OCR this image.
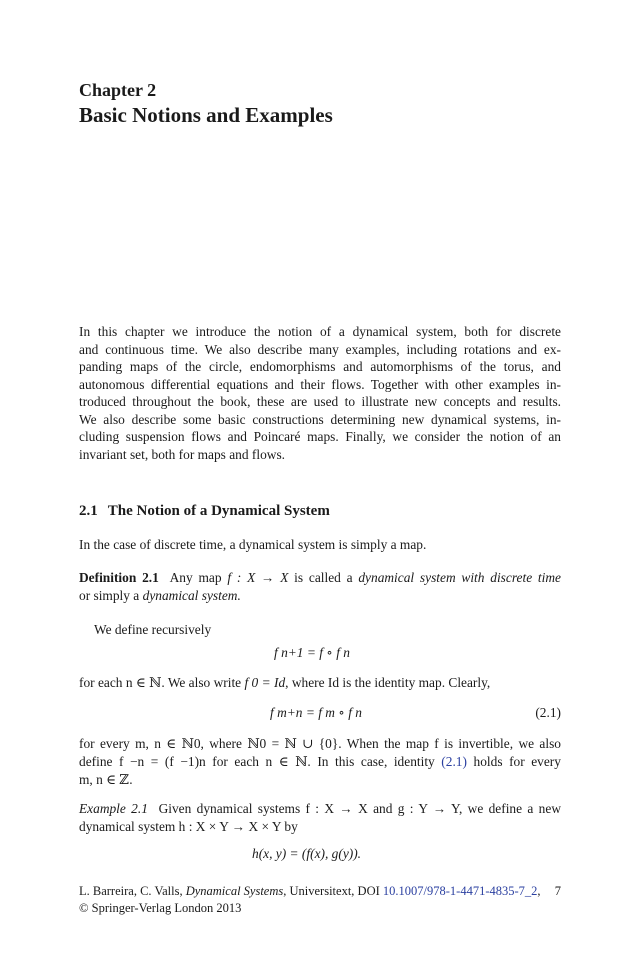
Chapter 2
Basic Notions and Examples
In this chapter we introduce the notion of a dynamical system, both for discrete
and continuous time. We also describe many examples, including rotations and ex-
panding maps of the circle, endomorphisms and automorphisms of the torus, and
autonomous differential equations and their flows. Together with other examples in-
troduced throughout the book, these are used to illustrate new concepts and results.
We also describe some basic constructions determining new dynamical systems, in-
cluding suspension flows and Poincaré maps. Finally, we consider the notion of an
invariant set, both for maps and flows.
2.1 The Notion of a Dynamical System
In the case of discrete time, a dynamical system is simply a map.
Definition 2.1 Any map f : X → X is called a dynamical system with discrete time
or simply a dynamical system.
We define recursively
f n+1 = f ∘ f n
for each n ∈ ℕ. We also write f 0 = Id, where Id is the identity map. Clearly,
f m+n = f m ∘ f n	(2.1)
for every m, n ∈ ℕ0, where ℕ0 = ℕ ∪ {0}. When the map f is invertible, we also
define f −n = (f −1)n for each n ∈ ℕ. In this case, identity (2.1) holds for every
m, n ∈ ℤ.
Example 2.1 Given dynamical systems f : X → X and g : Y → Y, we define a new
dynamical system h : X × Y → X × Y by
h(x, y) = (f(x), g(y)).
L. Barreira, C. Valls, Dynamical Systems, Universitext, DOI 10.1007/978-1-4471-4835-7_2, 7
© Springer-Verlag London 2013
